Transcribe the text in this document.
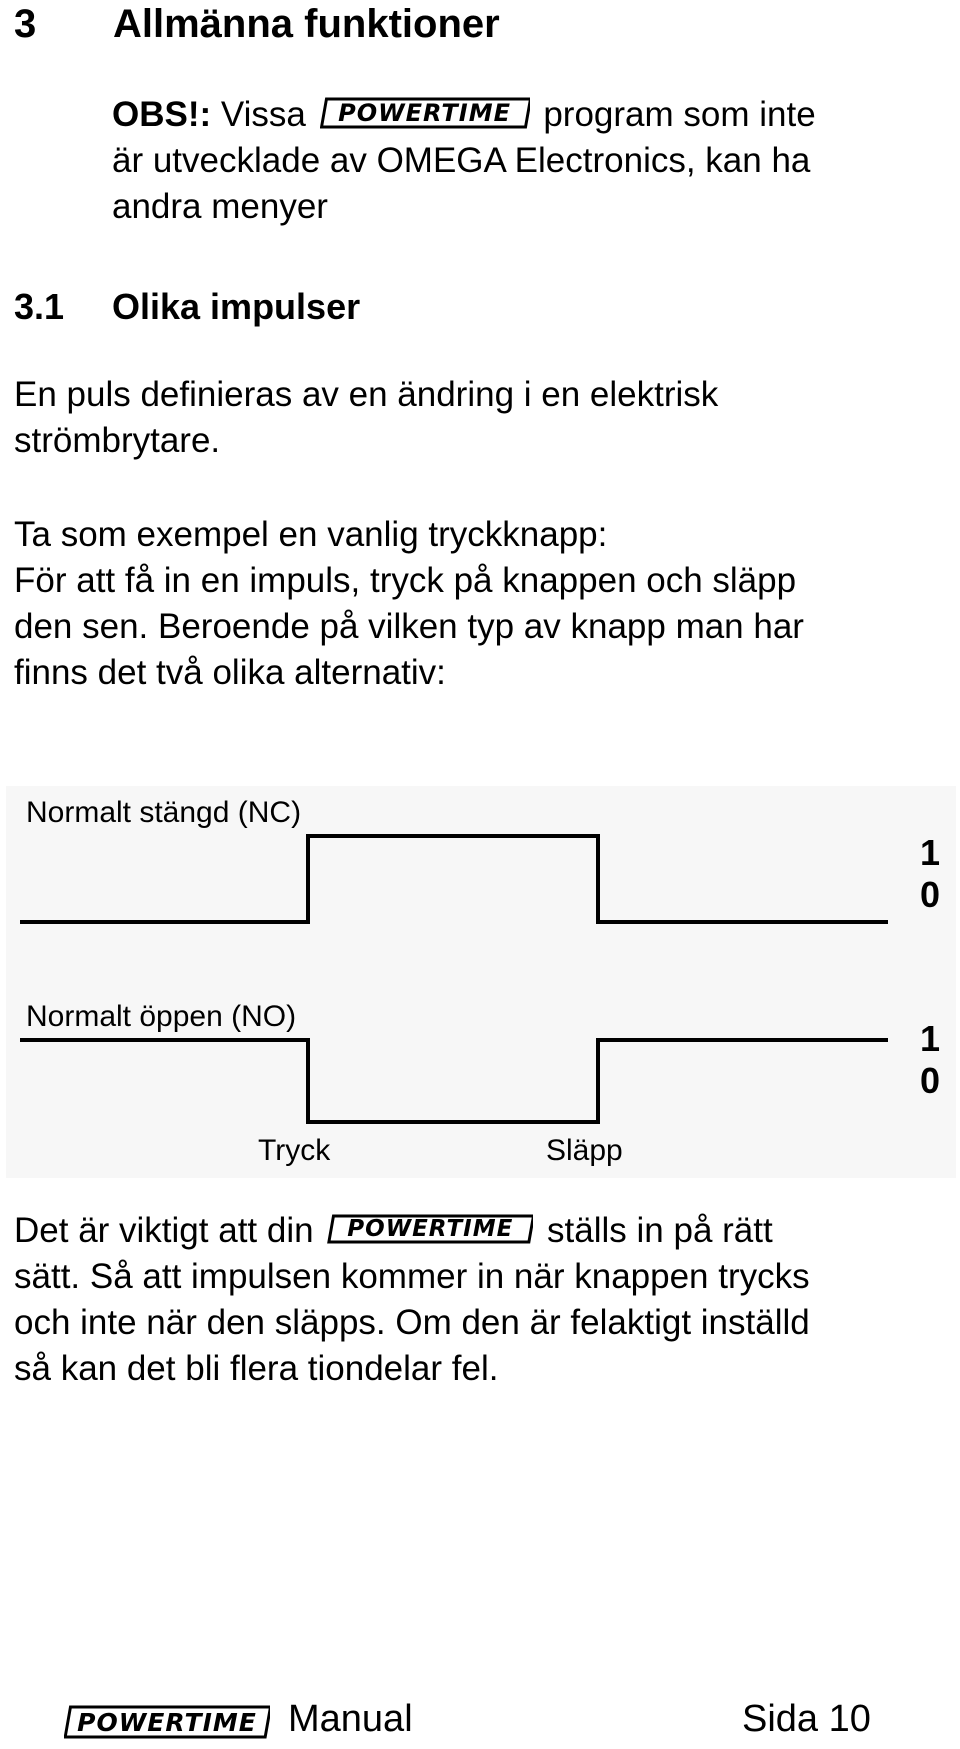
3 Allmänna funktioner
OBS!: Vissa	POWERTIME program som inte
är utvecklade av OMEGA Electronics, kan ha
andra menyer
3.1 Olika impulser
En puls definieras av en ändring i en elektrisk
strömbrytare.
Ta som exempel en vanlig tryckknapp:
För att få in en impuls, tryck på knappen och släpp
den sen. Beroende på vilken typ av knapp man har
finns det två olika alternativ:
Normalt stängd (NC)
Normalt öppen (NO)
1
0
1
0
Tryck	Släpp
Det är viktigt att din	POWERTIME ställs in på rätt
sätt. Så att impulsen kommer in när knappen trycks
och inte när den släpps. Om den är felaktigt inställd
så kan det bli flera tiondelar fel.
POWERTIME Manual	Sida 10
